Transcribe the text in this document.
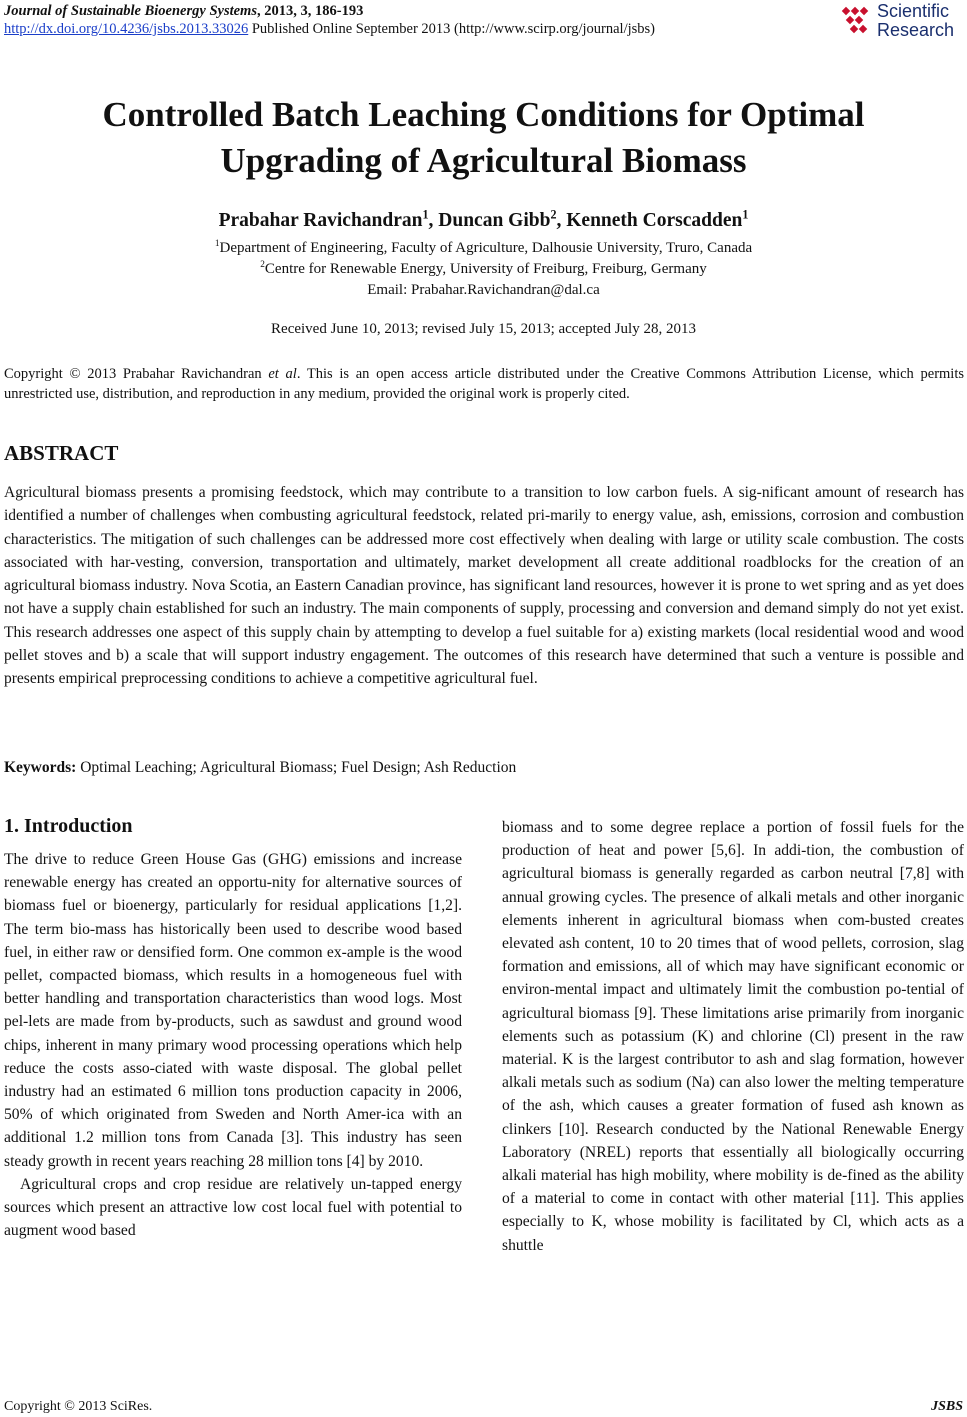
Journal of Sustainable Bioenergy Systems, 2013, 3, 186-193
http://dx.doi.org/10.4236/jsbs.2013.33026 Published Online September 2013 (http://www.scirp.org/journal/jsbs)
Scientific
Research
Controlled Batch Leaching Conditions for Optimal
Upgrading of Agricultural Biomass
Prabahar Ravichandran$^1$, Duncan Gibb$^2$, Kenneth Corscadden$^1$
$^1$Department of Engineering, Faculty of Agriculture, Dalhousie University, Truro, Canada
$^2$Centre for Renewable Energy, University of Freiburg, Freiburg, Germany
Email: Prabahar.Ravichandran@dal.ca
Received June 10, 2013; revised July 15, 2013; accepted July 28, 2013
Copyright © 2013 Prabahar Ravichandran et al. This is an open access article distributed under the Creative Commons Attribution License, which permits unrestricted use, distribution, and reproduction in any medium, provided the original work is properly cited.
ABSTRACT

Agricultural biomass presents a promising feedstock, which may contribute to a transition to low carbon fuels. A sig-nificant amount of research has identified a number of challenges when combusting agricultural feedstock, related pri-marily to energy value, ash, emissions, corrosion and combustion characteristics. The mitigation of such challenges can be addressed more cost effectively when dealing with large or utility scale combustion. The costs associated with har-vesting, conversion, transportation and ultimately, market development all create additional roadblocks for the creation of an agricultural biomass industry. Nova Scotia, an Eastern Canadian province, has significant land resources, however it is prone to wet spring and as yet does not have a supply chain established for such an industry. The main components of supply, processing and conversion and demand simply do not yet exist. This research addresses one aspect of this supply chain by attempting to develop a fuel suitable for a) existing markets (local residential wood and wood pellet stoves and b) a scale that will support industry engagement. The outcomes of this research have determined that such a venture is possible and presents empirical preprocessing conditions to achieve a competitive agricultural fuel.

Keywords: Optimal Leaching; Agricultural Biomass; Fuel Design; Ash Reduction
1. Introduction

The drive to reduce Green House Gas (GHG) emissions and increase renewable energy has created an opportu-nity for alternative sources of biomass fuel or bioenergy, particularly for residual applications [1,2]. The term bio-mass has historically been used to describe wood based fuel, in either raw or densified form. One common ex-ample is the wood pellet, compacted biomass, which results in a homogeneous fuel with better handling and transportation characteristics than wood logs. Most pel-lets are made from by-products, such as sawdust and ground wood chips, inherent in many primary wood processing operations which help reduce the costs asso-ciated with waste disposal. The global pellet industry had an estimated 6 million tons production capacity in 2006, 50% of which originated from Sweden and North Amer-ica with an additional 1.2 million tons from Canada [3]. This industry has seen steady growth in recent years reaching 28 million tons [4] by 2010.

Agricultural crops and crop residue are relatively un-tapped energy sources which present an attractive low cost local fuel with potential to augment wood based

biomass and to some degree replace a portion of fossil fuels for the production of heat and power [5,6]. In addi-tion, the combustion of agricultural biomass is generally regarded as carbon neutral [7,8] with annual growing cycles. The presence of alkali metals and other inorganic elements inherent in agricultural biomass when com-busted creates elevated ash content, 10 to 20 times that of wood pellets, corrosion, slag formation and emissions, all of which may have significant economic or environ-mental impact and ultimately limit the combustion po-tential of agricultural biomass [9]. These limitations arise primarily from inorganic elements such as potassium (K) and chlorine (Cl) present in the raw material. K is the largest contributor to ash and slag formation, however alkali metals such as sodium (Na) can also lower the melting temperature of the ash, which causes a greater formation of fused ash known as clinkers [10]. Research conducted by the National Renewable Energy Laboratory (NREL) reports that essentially all biologically occurring alkali material has high mobility, where mobility is de-fined as the ability of a material to come in contact with other material [11]. This applies especially to K, whose mobility is facilitated by Cl, which acts as a shuttle

Copyright © 2013 SciRes.	JSBS
